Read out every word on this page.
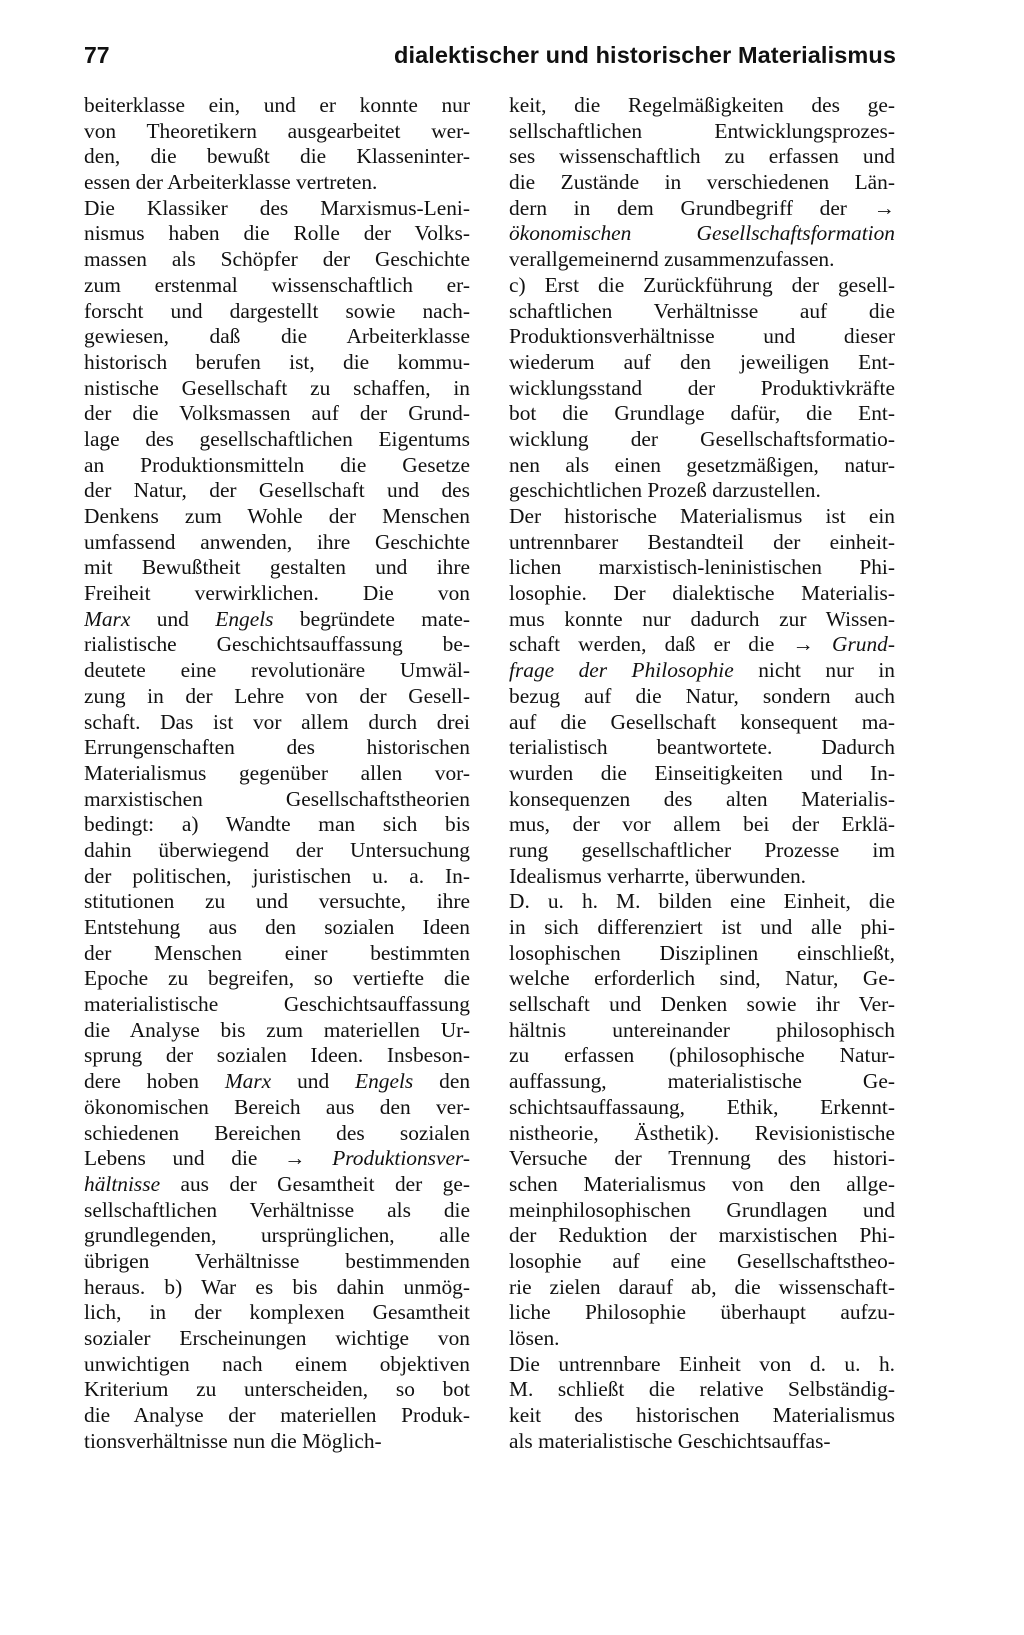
77	dialektischer und historischer Materialismus
beiterklasse ein, und er konnte nur
von Theoretikern ausgearbeitet wer-
den, die bewußt die Klasseninter-
essen der Arbeiterklasse vertreten.
Die Klassiker des Marxismus-Leni-
nismus haben die Rolle der Volks-
massen als Schöpfer der Geschichte
zum erstenmal wissenschaftlich er-
forscht und dargestellt sowie nach-
gewiesen, daß die Arbeiterklasse
historisch berufen ist, die kommu-
nistische Gesellschaft zu schaffen, in
der die Volksmassen auf der Grund-
lage des gesellschaftlichen Eigentums
an Produktionsmitteln die Gesetze
der Natur, der Gesellschaft und des
Denkens zum Wohle der Menschen
umfassend anwenden, ihre Geschichte
mit Bewußtheit gestalten und ihre
Freiheit verwirklichen. Die von
Marx und Engels begründete mate-
rialistische Geschichtsauffassung be-
deutete eine revolutionäre Umwäl-
zung in der Lehre von der Gesell-
schaft. Das ist vor allem durch drei
Errungenschaften des historischen
Materialismus gegenüber allen vor-
marxistischen Gesellschaftstheorien
bedingt: a) Wandte man sich bis
dahin überwiegend der Untersuchung
der politischen, juristischen u. a. In-
stitutionen zu und versuchte, ihre
Entstehung aus den sozialen Ideen
der Menschen einer bestimmten
Epoche zu begreifen, so vertiefte die
materialistische Geschichtsauffassung
die Analyse bis zum materiellen Ur-
sprung der sozialen Ideen. Insbeson-
dere hoben Marx und Engels den
ökonomischen Bereich aus den ver-
schiedenen Bereichen des sozialen
Lebens und die → Produktionsver-
hältnisse aus der Gesamtheit der ge-
sellschaftlichen Verhältnisse als die
grundlegenden, ursprünglichen, alle
übrigen Verhältnisse bestimmenden
heraus. b) War es bis dahin unmög-
lich, in der komplexen Gesamtheit
sozialer Erscheinungen wichtige von
unwichtigen nach einem objektiven
Kriterium zu unterscheiden, so bot
die Analyse der materiellen Produk-
tionsverhältnisse nun die Möglich-
keit, die Regelmäßigkeiten des ge-
sellschaftlichen Entwicklungsprozes-
ses wissenschaftlich zu erfassen und
die Zustände in verschiedenen Län-
dern in dem Grundbegriff der →
ökonomischen Gesellschaftsformation
verallgemeinernd zusammenzufassen.
c) Erst die Zurückführung der gesell-
schaftlichen Verhältnisse auf die
Produktionsverhältnisse und dieser
wiederum auf den jeweiligen Ent-
wicklungsstand der Produktivkräfte
bot die Grundlage dafür, die Ent-
wicklung der Gesellschaftsformatio-
nen als einen gesetzmäßigen, natur-
geschichtlichen Prozeß darzustellen.
Der historische Materialismus ist ein
untrennbarer Bestandteil der einheit-
lichen marxistisch-leninistischen Phi-
losophie. Der dialektische Materialis-
mus konnte nur dadurch zur Wissen-
schaft werden, daß er die → Grund-
frage der Philosophie nicht nur in
bezug auf die Natur, sondern auch
auf die Gesellschaft konsequent ma-
terialistisch beantwortete. Dadurch
wurden die Einseitigkeiten und In-
konsequenzen des alten Materialis-
mus, der vor allem bei der Erklä-
rung gesellschaftlicher Prozesse im
Idealismus verharrte, überwunden.
D. u. h. M. bilden eine Einheit, die
in sich differenziert ist und alle phi-
losophischen Disziplinen einschließt,
welche erforderlich sind, Natur, Ge-
sellschaft und Denken sowie ihr Ver-
hältnis untereinander philosophisch
zu erfassen (philosophische Natur-
auffassung, materialistische Ge-
schichtsauffassaung, Ethik, Erkennt-
nistheorie, Ästhetik). Revisionistische
Versuche der Trennung des histori-
schen Materialismus von den allge-
meinphilosophischen Grundlagen und
der Reduktion der marxistischen Phi-
losophie auf eine Gesellschaftstheo-
rie zielen darauf ab, die wissenschaft-
liche Philosophie überhaupt aufzu-
lösen.
Die untrennbare Einheit von d. u. h.
M. schließt die relative Selbständig-
keit des historischen Materialismus
als materialistische Geschichtsauffas-
